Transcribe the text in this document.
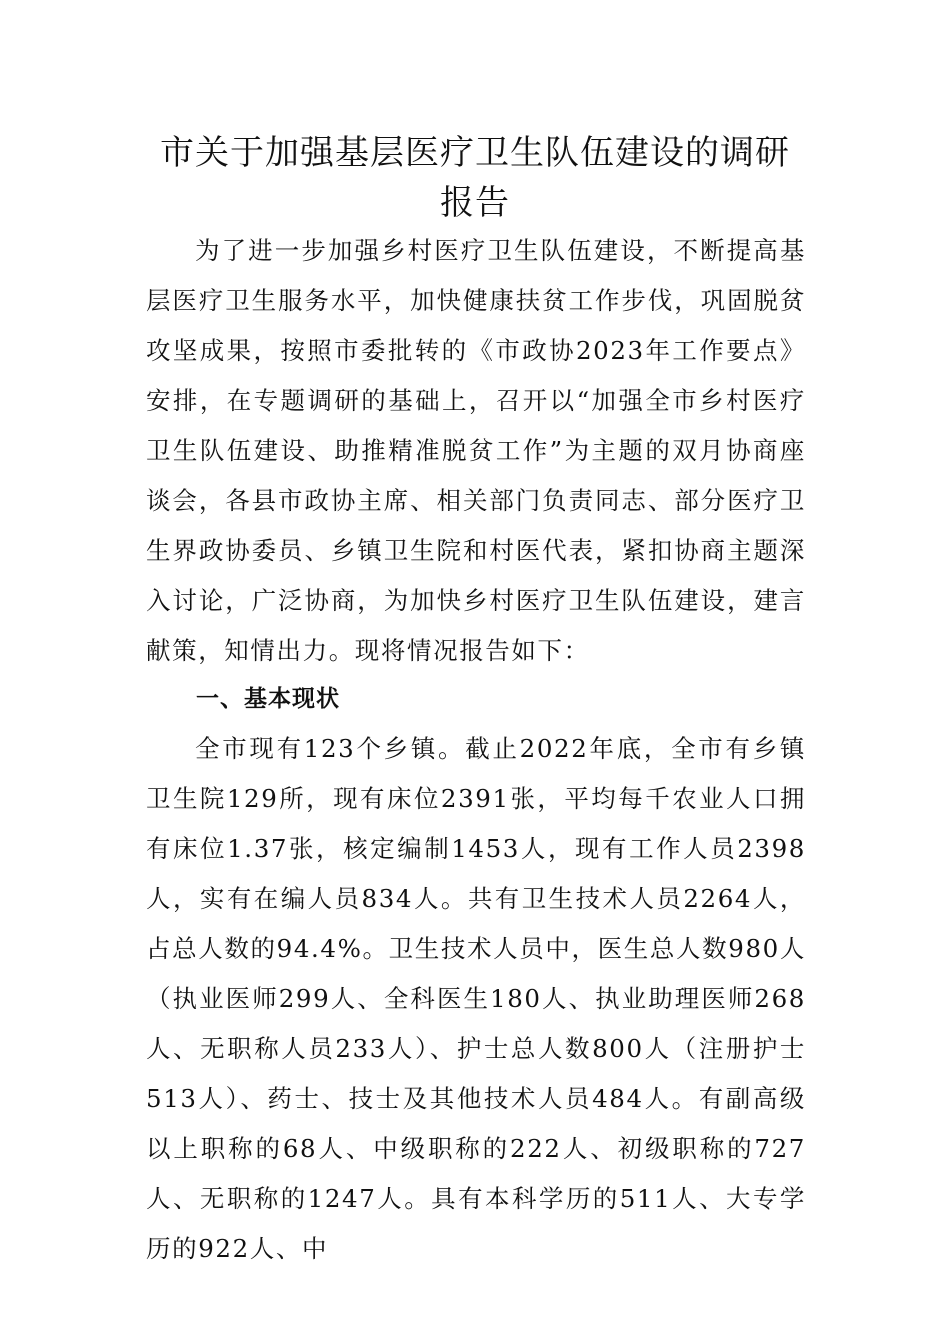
市关于加强基层医疗卫生队伍建设的调研报告

为了进一步加强乡村医疗卫生队伍建设，不断提高基层医疗卫生服务水平，加快健康扶贫工作步伐，巩固脱贫攻坚成果，按照市委批转的《市政协2023年工作要点》安排，在专题调研的基础上，召开以“加强全市乡村医疗卫生队伍建设、助推精准脱贫工作”为主题的双月协商座谈会，各县市政协主席、相关部门负责同志、部分医疗卫生界政协委员、乡镇卫生院和村医代表，紧扣协商主题深入讨论，广泛协商，为加快乡村医疗卫生队伍建设，建言献策，知情出力。现将情况报告如下：

一、基本现状

全市现有123个乡镇。截止2022年底，全市有乡镇卫生院129所，现有床位2391张，平均每千农业人口拥有床位1.37张，核定编制1453人，现有工作人员2398人，实有在编人员834人。共有卫生技术人员2264人，占总人数的94.4%。卫生技术人员中，医生总人数980人（执业医师299人、全科医生180人、执业助理医师268人、无职称人员233人）、护士总人数800人（注册护士513人）、药士、技士及其他技术人员484人。有副高级以上职称的68人、中级职称的222人、初级职称的727人、无职称的1247人。具有本科学历的511人、大专学历的922人、中
